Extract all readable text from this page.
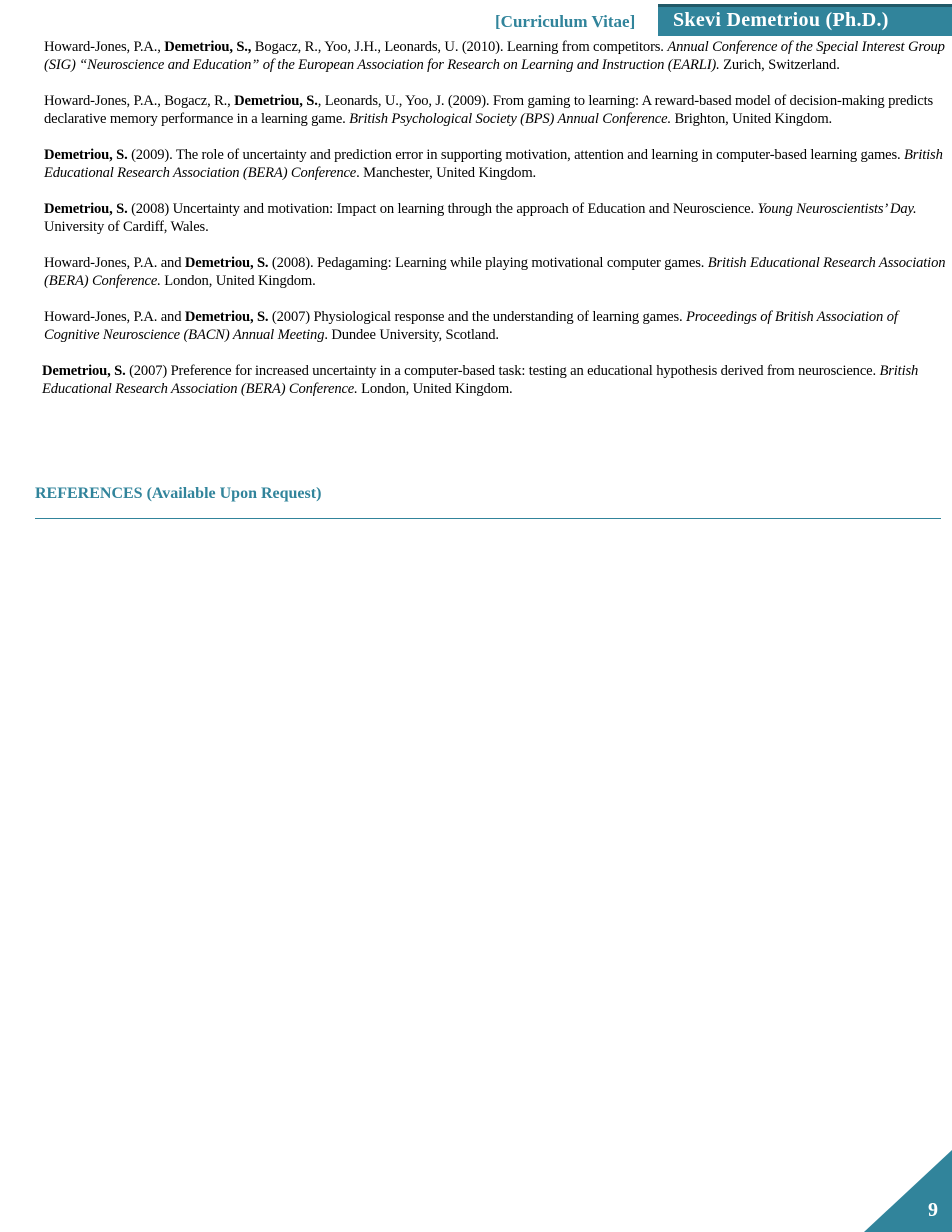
[Curriculum Vitae] Skevi Demetriou (Ph.D.)

Howard-Jones, P.A., Demetriou, S., Bogacz, R., Yoo, J.H., Leonards, U. (2010). Learning from competitors. Annual Conference of the Special Interest Group (SIG) “Neuroscience and Education” of the European Association for Research on Learning and Instruction (EARLI). Zurich, Switzerland.

Howard-Jones, P.A., Bogacz, R., Demetriou, S., Leonards, U., Yoo, J. (2009). From gaming to learning: A reward-based model of decision-making predicts declarative memory performance in a learning game. British Psychological Society (BPS) Annual Conference. Brighton, United Kingdom.

Demetriou, S. (2009). The role of uncertainty and prediction error in supporting motivation, attention and learning in computer-based learning games. British Educational Research Association (BERA) Conference. Manchester, United Kingdom.

Demetriou, S. (2008) Uncertainty and motivation: Impact on learning through the approach of Education and Neuroscience. Young Neuroscientists’ Day. University of Cardiff, Wales.

Howard-Jones, P.A. and Demetriou, S. (2008). Pedagaming: Learning while playing motivational computer games. British Educational Research Association (BERA) Conference. London, United Kingdom.

Howard-Jones, P.A. and Demetriou, S. (2007) Physiological response and the understanding of learning games. Proceedings of British Association of Cognitive Neuroscience (BACN) Annual Meeting. Dundee University, Scotland.

Demetriou, S. (2007) Preference for increased uncertainty in a computer-based task: testing an educational hypothesis derived from neuroscience. British Educational Research Association (BERA) Conference. London, United Kingdom.

REFERENCES (Available Upon Request)
9
